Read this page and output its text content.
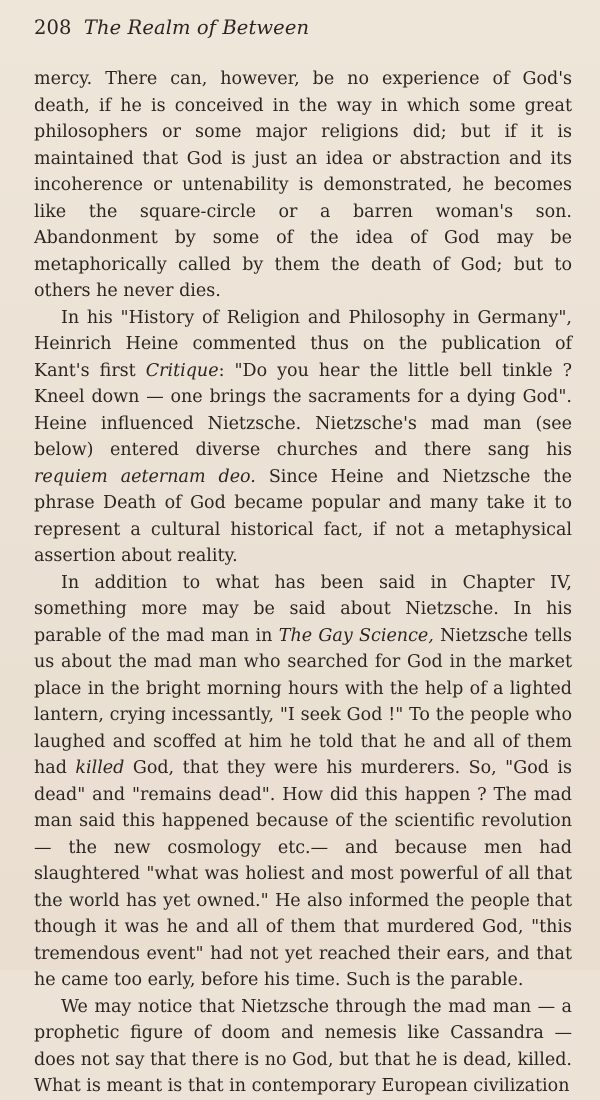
208 The Realm of Between

mercy. There can, however, be no experience of God's death, if he is conceived in the way in which some great philosophers or some major religions did; but if it is maintained that God is just an idea or abstraction and its incoherence or untenability is demonstrated, he becomes like the square-circle or a barren woman's son. Abandonment by some of the idea of God may be metaphorically called by them the death of God; but to others he never dies.

In his "History of Religion and Philosophy in Germany", Heinrich Heine commented thus on the publication of Kant's first Critique: "Do you hear the little bell tinkle ? Kneel down — one brings the sacraments for a dying God". Heine influenced Nietzsche. Nietzsche's mad man (see below) entered diverse churches and there sang his requiem aeternam deo. Since Heine and Nietzsche the phrase Death of God became popular and many take it to represent a cultural historical fact, if not a metaphysical assertion about reality.

In addition to what has been said in Chapter IV, something more may be said about Nietzsche. In his parable of the mad man in The Gay Science, Nietzsche tells us about the mad man who searched for God in the market place in the bright morning hours with the help of a lighted lantern, crying incessantly, "I seek God !" To the people who laughed and scoffed at him he told that he and all of them had killed God, that they were his murderers. So, "God is dead" and "remains dead". How did this happen ? The mad man said this happened because of the scientific revolution — the new cosmology etc.— and because men had slaughtered "what was holiest and most powerful of all that the world has yet owned." He also informed the people that though it was he and all of them that murdered God, "this tremendous event" had not yet reached their ears, and that he came too early, before his time. Such is the parable.

We may notice that Nietzsche through the mad man — a prophetic figure of doom and nemesis like Cassandra — does not say that there is no God, but that he is dead, killed. What is meant is that in contemporary European civilization
